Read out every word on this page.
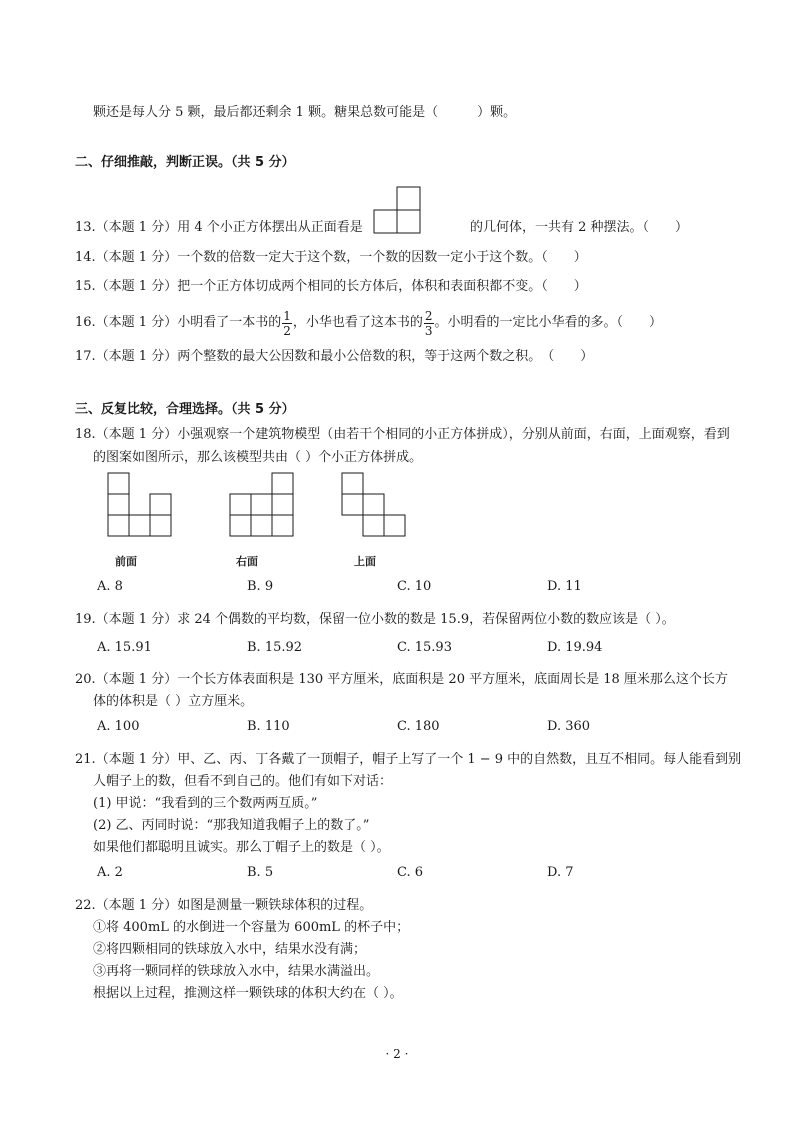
颗还是每人分 5 颗，最后都还剩余 1 颗。糖果总数可能是（　　　）颗。
二、仔细推敲，判断正误。（共 5 分）
13.（本题 1 分）用 4 个小正方体摆出从正面看是	的几何体，一共有 2 种摆法。（　　）
14.（本题 1 分）一个数的倍数一定大于这个数，一个数的因数一定小于这个数。（　　）
15.（本题 1 分）把一个正方体切成两个相同的长方体后，体积和表面积都不变。（　　）
16.（本题 1 分）小明看了一本书的 $\frac{1}{2}$ ，小华也看了这本书的 $\frac{2}{3}$ 。小明看的一定比小华看的多。（　　）
17.（本题 1 分）两个整数的最大公因数和最小公倍数的积，等于这两个数之积。　（　　）
三、反复比较，合理选择。（共 5 分）
18.（本题 1 分）小强观察一个建筑物模型（由若干个相同的小正方体拼成），分别从前面，右面，上面观察，看到
的图案如图所示，那么该模型共由（ ）个小正方体拼成。
前面	右面	上面
A. 8	B. 9	C. 10	D. 11
19.（本题 1 分）求 24 个偶数的平均数，保留一位小数的数是 15.9，若保留两位小数的数应该是（ ）。
A. 15.91	B. 15.92	C. 15.93	D. 19.94
20.（本题 1 分）一个长方体表面积是 130 平方厘米，底面积是 20 平方厘米，底面周长是 18 厘米那么这个长方
体的体积是（ ）立方厘米。
A. 100	B. 110	C. 180	D. 360
21.（本题 1 分）甲、乙、丙、丁各戴了一顶帽子，帽子上写了一个 1 − 9 中的自然数，且互不相同。每人能看到别
人帽子上的数，但看不到自己的。他们有如下对话：
(1) 甲说：“我看到的三个数两两互质。”
(2) 乙、丙同时说：“那我知道我帽子上的数了。”
如果他们都聪明且诚实。那么丁帽子上的数是（ ）。
A. 2	B. 5	C. 6	D. 7
22.（本题 1 分）如图是测量一颗铁球体积的过程。
①将 400mL 的水倒进一个容量为 600mL 的杯子中；
②将四颗相同的铁球放入水中，结果水没有满；
③再将一颗同样的铁球放入水中，结果水满溢出。
根据以上过程，推测这样一颗铁球的体积大约在（ ）。
· 2 ·
